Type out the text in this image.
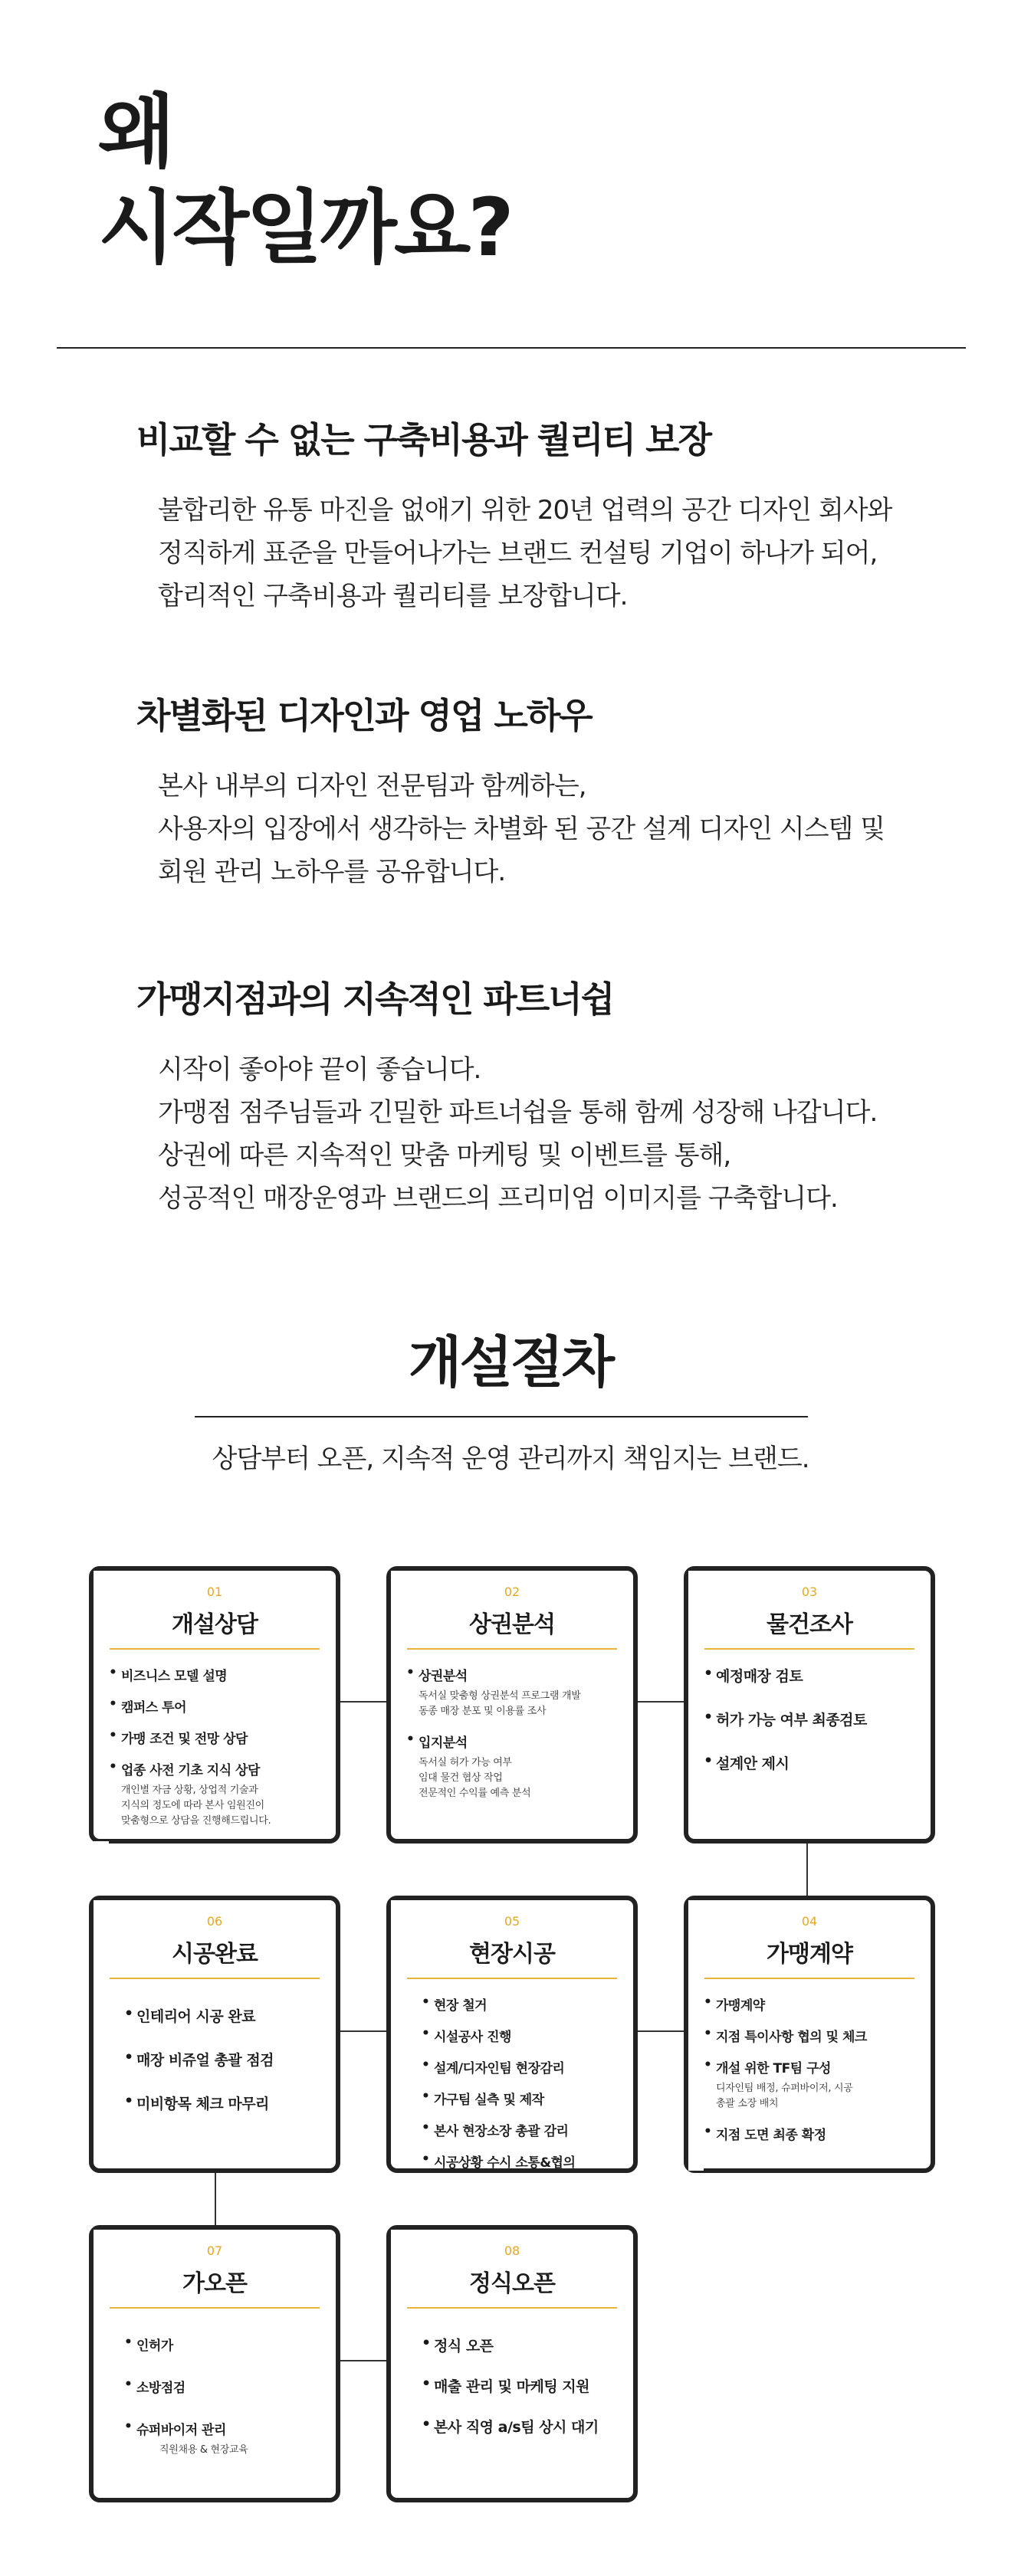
왜
시작일까요?
비교할 수 없는 구축비용과 퀄리티 보장
불합리한 유통 마진을 없애기 위한 20년 업력의 공간 디자인 회사와
정직하게 표준을 만들어나가는 브랜드 컨설팅 기업이 하나가 되어,
합리적인 구축비용과 퀄리티를 보장합니다.
차별화된 디자인과 영업 노하우
본사 내부의 디자인 전문팀과 함께하는,
사용자의 입장에서 생각하는 차별화 된 공간 설계 디자인 시스템 및
회원 관리 노하우를 공유합니다.
가맹지점과의 지속적인 파트너쉽
시작이 좋아야 끝이 좋습니다.
가맹점 점주님들과 긴밀한 파트너쉽을 통해 함께 성장해 나갑니다.
상권에 따른 지속적인 맞춤 마케팅 및 이벤트를 통해,
성공적인 매장운영과 브랜드의 프리미엄 이미지를 구축합니다.
개설절차
상담부터 오픈, 지속적 운영 관리까지 책임지는 브랜드.
01
개설상담
• 비즈니스 모델 설명
• 캠퍼스 투어
• 가맹 조건 및 전망 상담
• 업종 사전 기초 지식 상담
개인별 자금 상황, 상업적 기술과
지식의 정도에 따라 본사 임원진이
맞춤형으로 상담을 진행해드립니다.
02
상권분석
• 상권분석
독서실 맞춤형 상권분석 프로그램 개발
동종 매장 분포 및 이용률 조사
• 입지분석
독서실 허가 가능 여부
임대 물건 협상 작업
전문적인 수익률 예측 분석
03
물건조사
• 예정매장 검토
• 허가 가능 여부 최종검토
• 설계안 제시
06
시공완료
• 인테리어 시공 완료
• 매장 비쥬얼 총괄 점검
• 미비항목 체크 마무리
05
현장시공
• 현장 철거
• 시설공사 진행
• 설계/디자인팀 현장감리
• 가구팀 실측 및 제작
• 본사 현장소장 총괄 감리
• 시공상황 수시 소통&협의
04
가맹계약
• 가맹계약
• 지점 특이사항 협의 및 체크
• 개설 위한 TF팀 구성
디자인팀 배정, 슈퍼바이저, 시공
총괄 소장 배치
• 지점 도면 최종 확정
07
가오픈
• 인허가
• 소방점검
• 슈퍼바이저 관리
직원채용 & 현장교육
08
정식오픈
• 정식 오픈
• 매출 관리 및 마케팅 지원
• 본사 직영 a/s팀 상시 대기
